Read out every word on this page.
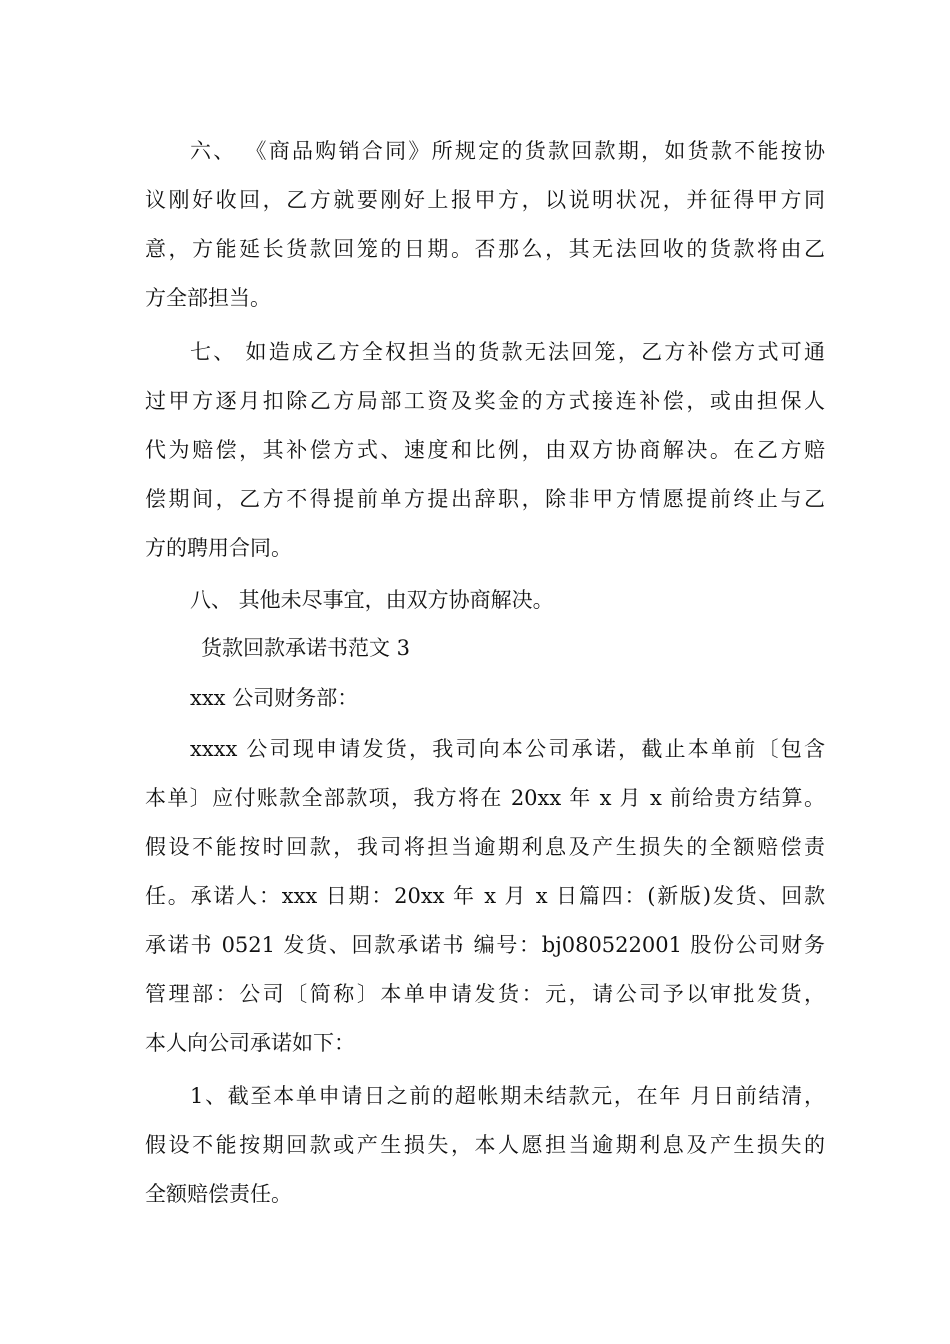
六、 《商品购销合同》所规定的货款回款期，如货款不能按协
议刚好收回，乙方就要刚好上报甲方，以说明状况，并征得甲方同
意，方能延长货款回笼的日期。否那么，其无法回收的货款将由乙
方全部担当。
七、 如造成乙方全权担当的货款无法回笼，乙方补偿方式可通
过甲方逐月扣除乙方局部工资及奖金的方式接连补偿，或由担保人
代为赔偿，其补偿方式、速度和比例，由双方协商解决。在乙方赔
偿期间，乙方不得提前单方提出辞职，除非甲方情愿提前终止与乙
方的聘用合同。
八、 其他未尽事宜，由双方协商解决。
货款回款承诺书范文 3
xxx 公司财务部：
xxxx 公司现申请发货，我司向本公司承诺，截止本单前〔包含
本单〕应付账款全部款项，我方将在 20xx 年 x 月 x 前给贵方结算。
假设不能按时回款，我司将担当逾期利息及产生损失的全额赔偿责
任。承诺人：xxx 日期：20xx 年 x 月 x 日篇四：(新版)发货、回款
承诺书 0521 发货、回款承诺书 编号：bj080522001 股份公司财务
管理部：公司〔简称〕本单申请发货：元，请公司予以审批发货，
本人向公司承诺如下：
1、截至本单申请日之前的超帐期未结款元，在年 月日前结清，
假设不能按期回款或产生损失，本人愿担当逾期利息及产生损失的
全额赔偿责任。
